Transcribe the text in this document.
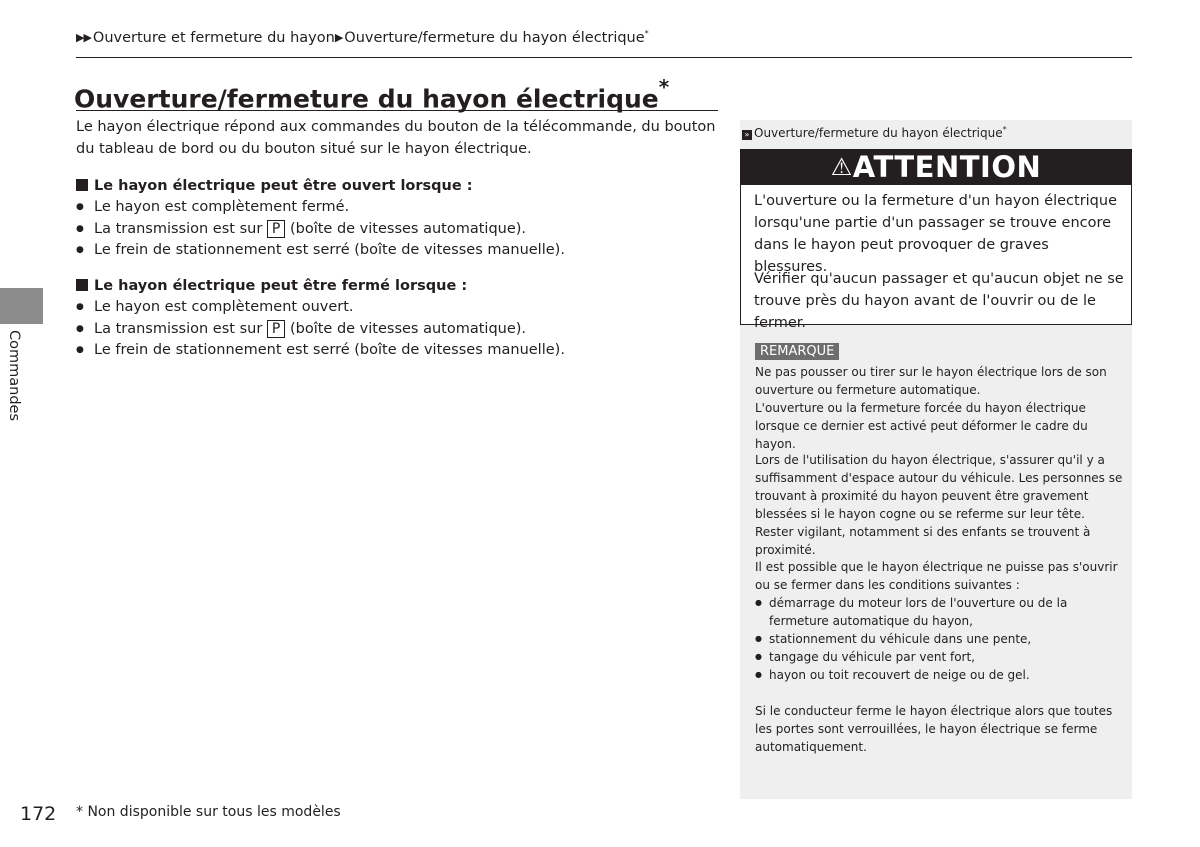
▶▶ Ouverture et fermeture du hayon▶ Ouverture/fermeture du hayon électrique*
Ouverture/fermeture du hayon électrique*
Le hayon électrique répond aux commandes du bouton de la télécommande, du bouton du tableau de bord ou du bouton situé sur le hayon électrique.
Le hayon électrique peut être ouvert lorsque :
● Le hayon est complètement fermé.
● La transmission est sur P (boîte de vitesses automatique).
● Le frein de stationnement est serré (boîte de vitesses manuelle).
Le hayon électrique peut être fermé lorsque :
● Le hayon est complètement ouvert.
● La transmission est sur P (boîte de vitesses automatique).
● Le frein de stationnement est serré (boîte de vitesses manuelle).
Commandes
» Ouverture/fermeture du hayon électrique*
⚠ATTENTION
L'ouverture ou la fermeture d'un hayon électrique lorsqu'une partie d'un passager se trouve encore dans le hayon peut provoquer de graves blessures.
Vérifier qu'aucun passager et qu'aucun objet ne se trouve près du hayon avant de l'ouvrir ou de le fermer.
REMARQUE
Ne pas pousser ou tirer sur le hayon électrique lors de son ouverture ou fermeture automatique.
L'ouverture ou la fermeture forcée du hayon électrique lorsque ce dernier est activé peut déformer le cadre du hayon.
Lors de l'utilisation du hayon électrique, s'assurer qu'il y a suffisamment d'espace autour du véhicule. Les personnes se trouvant à proximité du hayon peuvent être gravement blessées si le hayon cogne ou se referme sur leur tête. Rester vigilant, notamment si des enfants se trouvent à proximité.
Il est possible que le hayon électrique ne puisse pas s'ouvrir ou se fermer dans les conditions suivantes :
● démarrage du moteur lors de l'ouverture ou de la fermeture automatique du hayon,
● stationnement du véhicule dans une pente,
● tangage du véhicule par vent fort,
● hayon ou toit recouvert de neige ou de gel.
Si le conducteur ferme le hayon électrique alors que toutes les portes sont verrouillées, le hayon électrique se ferme automatiquement.
172 * Non disponible sur tous les modèles
